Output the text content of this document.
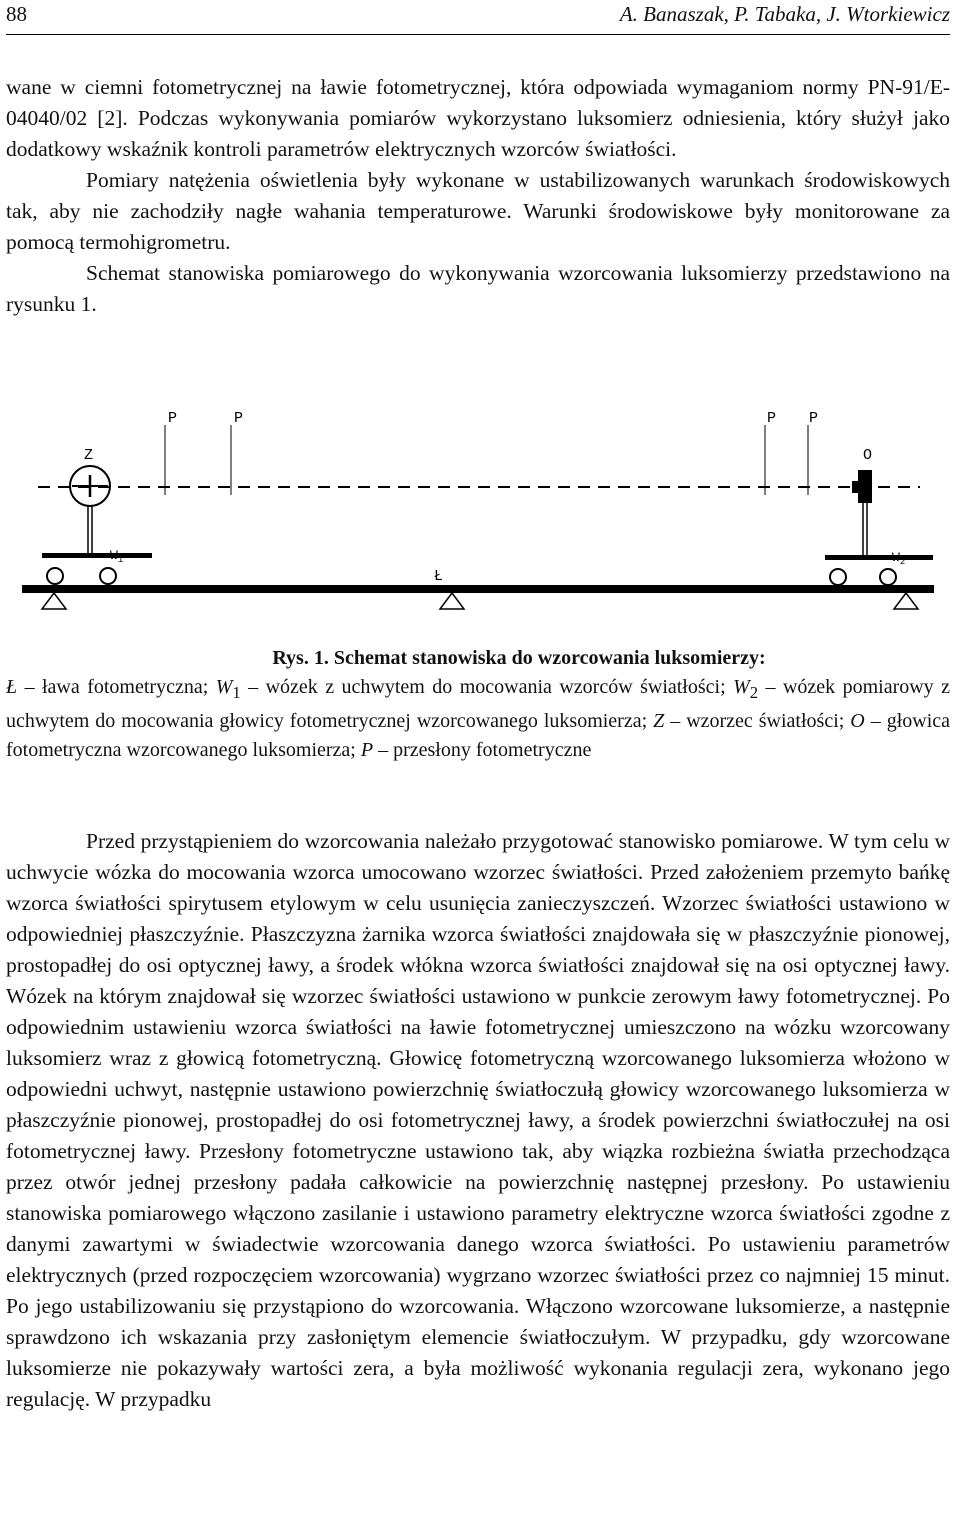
88	A. Banaszak, P. Tabaka, J. Wtorkiewicz

wane w ciemni fotometrycznej na ławie fotometrycznej, która odpowiada wymaganiom normy PN-91/E-04040/02 [2]. Podczas wykonywania pomiarów wykorzystano luksomierz odniesienia, który służył jako dodatkowy wskaźnik kontroli parametrów elektrycznych wzorców światłości.

Pomiary natężenia oświetlenia były wykonane w ustabilizowanych warunkach środowiskowych tak, aby nie zachodziły nagłe wahania temperaturowe. Warunki środowiskowe były monitorowane za pomocą termohigrometru.

Schemat stanowiska pomiarowego do wykonywania wzorcowania luksomierzy przedstawiono na rysunku 1.

P	P	P P
Z
$W_1$
O
$W_2$
Ł
Rys. 1. Schemat stanowiska do wzorcowania luksomierzy:
Ł – ława fotometryczna; $W_1$ – wózek z uchwytem do mocowania wzorców światłości; $W_2$ – wózek pomiarowy z uchwytem do mocowania głowicy fotometrycznej wzorcowanego luksomierza; Z – wzorzec światłości; O – głowica fotometryczna wzorcowanego luksomierza; P – przesłony fotometryczne

Przed przystąpieniem do wzorcowania należało przygotować stanowisko pomiarowe. W tym celu w uchwycie wózka do mocowania wzorca umocowano wzorzec światłości. Przed założeniem przemyto bańkę wzorca światłości spirytusem etylowym w celu usunięcia zanieczyszczeń. Wzorzec światłości ustawiono w odpowiedniej płaszczyźnie. Płaszczyzna żarnika wzorca światłości znajdowała się w płaszczyźnie pionowej, prostopadłej do osi optycznej ławy, a środek włókna wzorca światłości znajdował się na osi optycznej ławy. Wózek na którym znajdował się wzorzec światłości ustawiono w punkcie zerowym ławy fotometrycznej. Po odpowiednim ustawieniu wzorca światłości na ławie fotometrycznej umieszczono na wózku wzorcowany luksomierz wraz z głowicą fotometryczną. Głowicę fotometryczną wzorcowanego luksomierza włożono w odpowiedni uchwyt, następnie ustawiono powierzchnię światłoczułą głowicy wzorcowanego luksomierza w płaszczyźnie pionowej, prostopadłej do osi fotometrycznej ławy, a środek powierzchni światłoczułej na osi fotometrycznej ławy. Przesłony fotometryczne ustawiono tak, aby wiązka rozbieżna światła przechodząca przez otwór jednej przesłony padała całkowicie na powierzchnię następnej przesłony. Po ustawieniu stanowiska pomiarowego włączono zasilanie i ustawiono parametry elektryczne wzorca światłości zgodne z danymi zawartymi w świadectwie wzorcowania danego wzorca światłości. Po ustawieniu parametrów elektrycznych (przed rozpoczęciem wzorcowania) wygrzano wzorzec światłości przez co najmniej 15 minut. Po jego ustabilizowaniu się przystąpiono do wzorcowania. Włączono wzorcowane luksomierze, a następnie sprawdzono ich wskazania przy zasłoniętym elemencie światłoczułym. W przypadku, gdy wzorcowane luksomierze nie pokazywały wartości zera, a była możliwość wykonania regulacji zera, wykonano jego regulację. W przypadku
